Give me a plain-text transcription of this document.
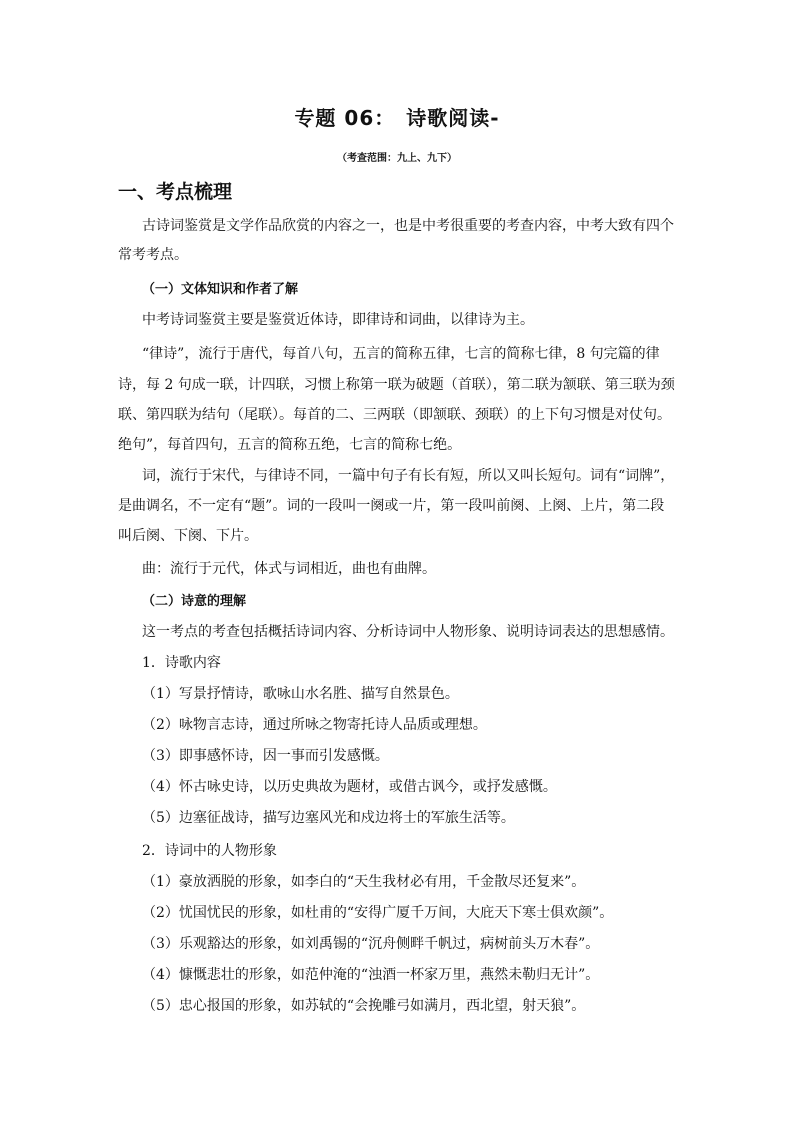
专题 06：　诗歌阅读-
（考查范围：九上、九下）
一、考点梳理
古诗词鉴赏是文学作品欣赏的内容之一，也是中考很重要的考查内容，中考大致有四个
常考考点。
（一）文体知识和作者了解
中考诗词鉴赏主要是鉴赏近体诗，即律诗和词曲，以律诗为主。
“律诗”，流行于唐代，每首八句，五言的简称五律，七言的简称七律，8 句完篇的律
诗，每 2 句成一联，计四联，习惯上称第一联为破题（首联），第二联为颔联、第三联为颈
联、第四联为结句（尾联）。每首的二、三两联（即颔联、颈联）的上下句习惯是对仗句。
绝句”，每首四句，五言的简称五绝，七言的简称七绝。
词，流行于宋代，与律诗不同，一篇中句子有长有短，所以又叫长短句。词有“词牌”，
是曲调名，不一定有“题”。词的一段叫一阕或一片，第一段叫前阕、上阕、上片，第二段
叫后阕、下阕、下片。
曲：流行于元代，体式与词相近，曲也有曲牌。
（二）诗意的理解
这一考点的考查包括概括诗词内容、分析诗词中人物形象、说明诗词表达的思想感情。
1．诗歌内容
（1）写景抒情诗，歌咏山水名胜、描写自然景色。
（2）咏物言志诗，通过所咏之物寄托诗人品质或理想。
（3）即事感怀诗，因一事而引发感慨。
（4）怀古咏史诗，以历史典故为题材，或借古讽今，或抒发感慨。
（5）边塞征战诗，描写边塞风光和戍边将士的军旅生活等。
2．诗词中的人物形象
（1）豪放洒脱的形象，如李白的“天生我材必有用，千金散尽还复来”。
（2）忧国忧民的形象，如杜甫的“安得广厦千万间，大庇天下寒士俱欢颜”。
（3）乐观豁达的形象，如刘禹锡的“沉舟侧畔千帆过，病树前头万木春”。
（4）慷慨悲壮的形象，如范仲淹的“浊酒一杯家万里，燕然未勒归无计”。
（5）忠心报国的形象，如苏轼的“会挽雕弓如满月，西北望，射天狼”。
